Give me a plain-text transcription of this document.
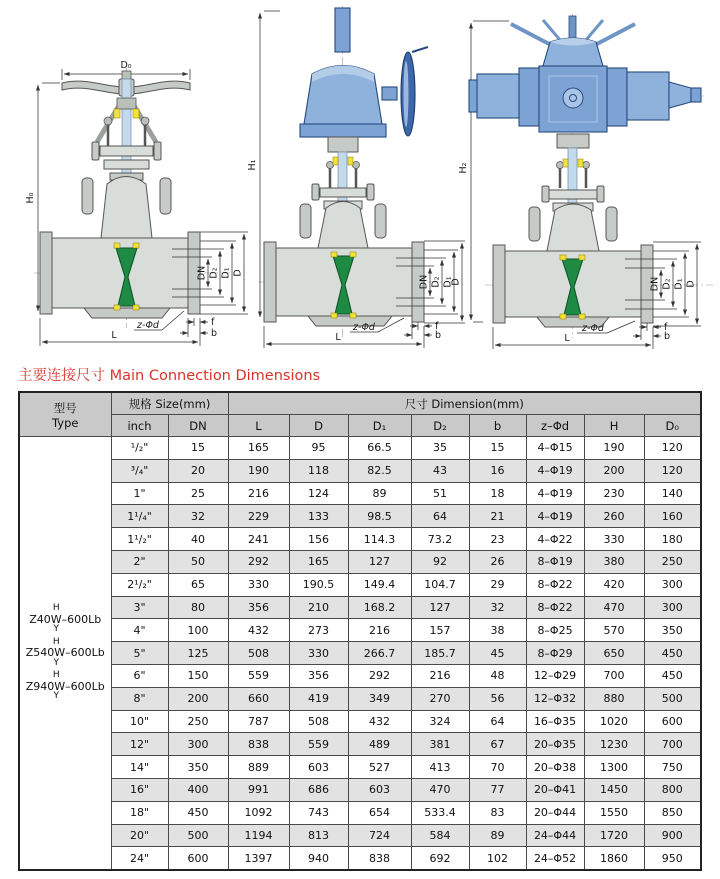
D₀
H₀
DN D₂ D₁ D
z-Φd
L
f
b
H₁
DN D₂ D₁
D
z-Φd
L
f
b
H₂
DN D₂ D₁ D
z-Φd
L
f
b
主要连接尺寸 Main Connection Dimensions
型号
Type	规格 Size(mm)		尺寸 Dimension(mm)							
	inch	DN	L	D	D₁	D₂	b	z–Φd	H	D₀

H
Z40W–600Lb
Y
H
Z540W–600Lb
Y
H
Z940W–600Lb
Y
	¹/₂"	15	165	95	66.5	35	15	4–Φ15	190	120
	³/₄"	20	190	118	82.5	43	16	4–Φ19	200	120
	1"	25	216	124	89	51	18	4–Φ19	230	140
	1¹/₄"	32	229	133	98.5	64	21	4–Φ19	260	160
	1¹/₂"	40	241	156	114.3	73.2	23	4–Φ22	330	180
	2"	50	292	165	127	92	26	8–Φ19	380	250
	2¹/₂"	65	330	190.5	149.4	104.7	29	8–Φ22	420	300
	3"	80	356	210	168.2	127	32	8–Φ22	470	300
	4"	100	432	273	216	157	38	8–Φ25	570	350
	5"	125	508	330	266.7	185.7	45	8–Φ29	650	450
	6"	150	559	356	292	216	48	12–Φ29	700	450
	8"	200	660	419	349	270	56	12–Φ32	880	500
	10"	250	787	508	432	324	64	16–Φ35	1020	600
	12"	300	838	559	489	381	67	20–Φ35	1230	700
	14"	350	889	603	527	413	70	20–Φ38	1300	750
	16"	400	991	686	603	470	77	20–Φ41	1450	800
	18"	450	1092	743	654	533.4	83	20–Φ44	1550	850
	20"	500	1194	813	724	584	89	24–Φ44	1720	900
	24"	600	1397	940	838	692	102	24–Φ52	1860	950
